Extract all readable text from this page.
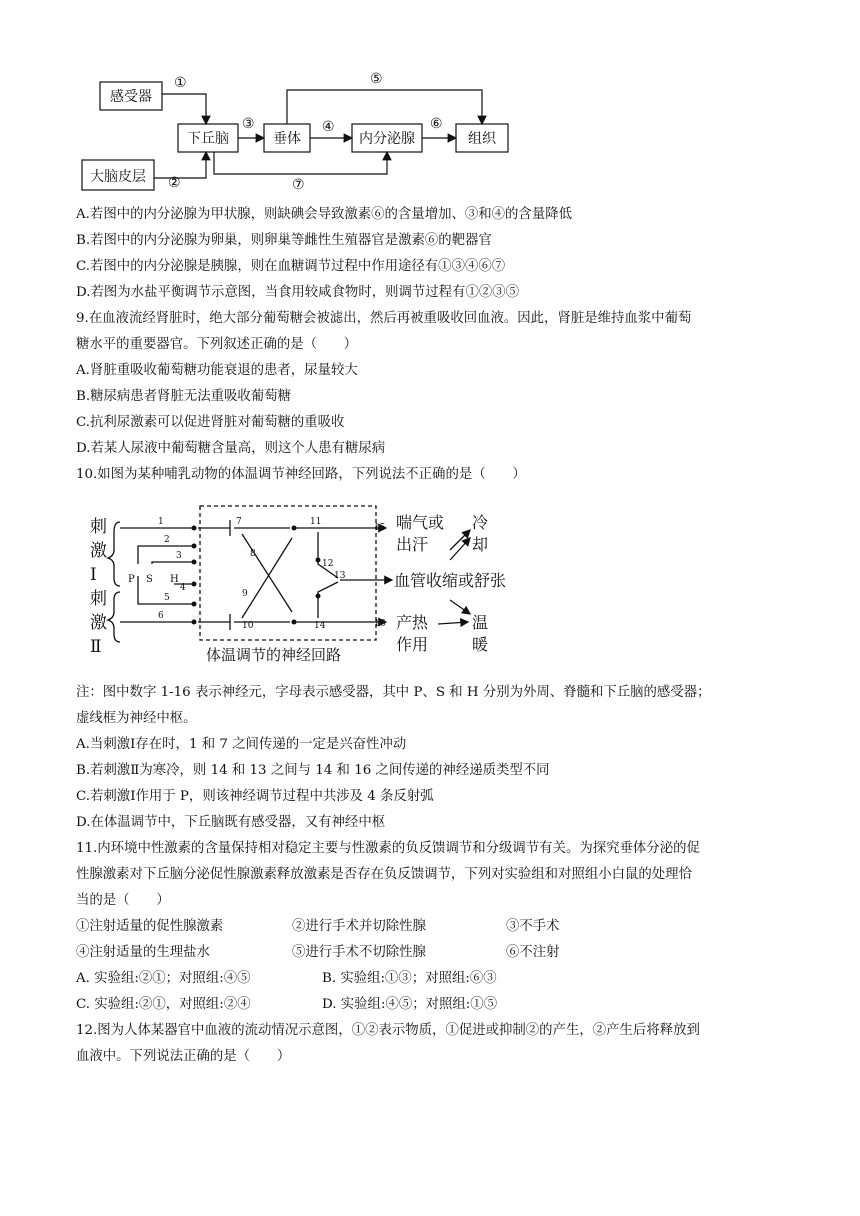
感受器
大脑皮层
下丘脑	垂体	内分泌腺	组织
①
②
③	④
⑤
⑥
⑦
A.若图中的内分泌腺为甲状腺，则缺碘会导致激素⑥的含量增加、③和④的含量降低
B.若图中的内分泌腺为卵巢，则卵巢等雌性生殖器官是激素⑥的靶器官
C.若图中的内分泌腺是胰腺，则在血糖调节过程中作用途径有①③④⑥⑦
D.若图为水盐平衡调节示意图，当食用较咸食物时，则调节过程有①②③⑤
9.在血液流经肾脏时，绝大部分葡萄糖会被滤出，然后再被重吸收回血液。因此，肾脏是维持血浆中葡萄
糖水平的重要器官。下列叙述正确的是（　　）
A.肾脏重吸收葡萄糖功能衰退的患者，尿量较大
B.糖尿病患者肾脏无法重吸收葡萄糖
C.抗利尿激素可以促进肾脏对葡萄糖的重吸收
D.若某人尿液中葡萄糖含量高，则这个人患有糖尿病
10.如图为某种哺乳动物的体温调节神经回路，下列说法不正确的是（　　）
刺
激
Ⅰ
刺
激
Ⅱ
P S H
1
2
3
4
5
6
7
8
9
10
11
12
13
14
15
16
喘气或
出汗
血管收缩或舒张
产热
作用
冷
却
温
暖
体温调节的神经回路
注：图中数字 1-16 表示神经元，字母表示感受器，其中 P、S 和 H 分别为外周、脊髓和下丘脑的感受器；
虚线框为神经中枢。
A.当刺激Ⅰ存在时，1 和 7 之间传递的一定是兴奋性冲动
B.若刺激Ⅱ为寒冷，则 14 和 13 之间与 14 和 16 之间传递的神经递质类型不同
C.若刺激Ⅰ作用于 P，则该神经调节过程中共涉及 4 条反射弧
D.在体温调节中，下丘脑既有感受器，又有神经中枢
11.内环境中性激素的含量保持相对稳定主要与性激素的负反馈调节和分级调节有关。为探究垂体分泌的促
性腺激素对下丘脑分泌促性腺激素释放激素是否存在负反馈调节，下列对实验组和对照组小白鼠的处理恰
当的是（　　）
①注射适量的促性腺激素	②进行手术并切除性腺	③不手术
④注射适量的生理盐水	⑤进行手术不切除性腺	⑥不注射
A. 实验组:②①；对照组:④⑤	B. 实验组:①③；对照组:⑥③
C. 实验组:②①，对照组:②④	D. 实验组:④⑤；对照组:①⑤
12.图为人体某器官中血液的流动情况示意图，①②表示物质，①促进或抑制②的产生，②产生后将释放到
血液中。下列说法正确的是（　　）
